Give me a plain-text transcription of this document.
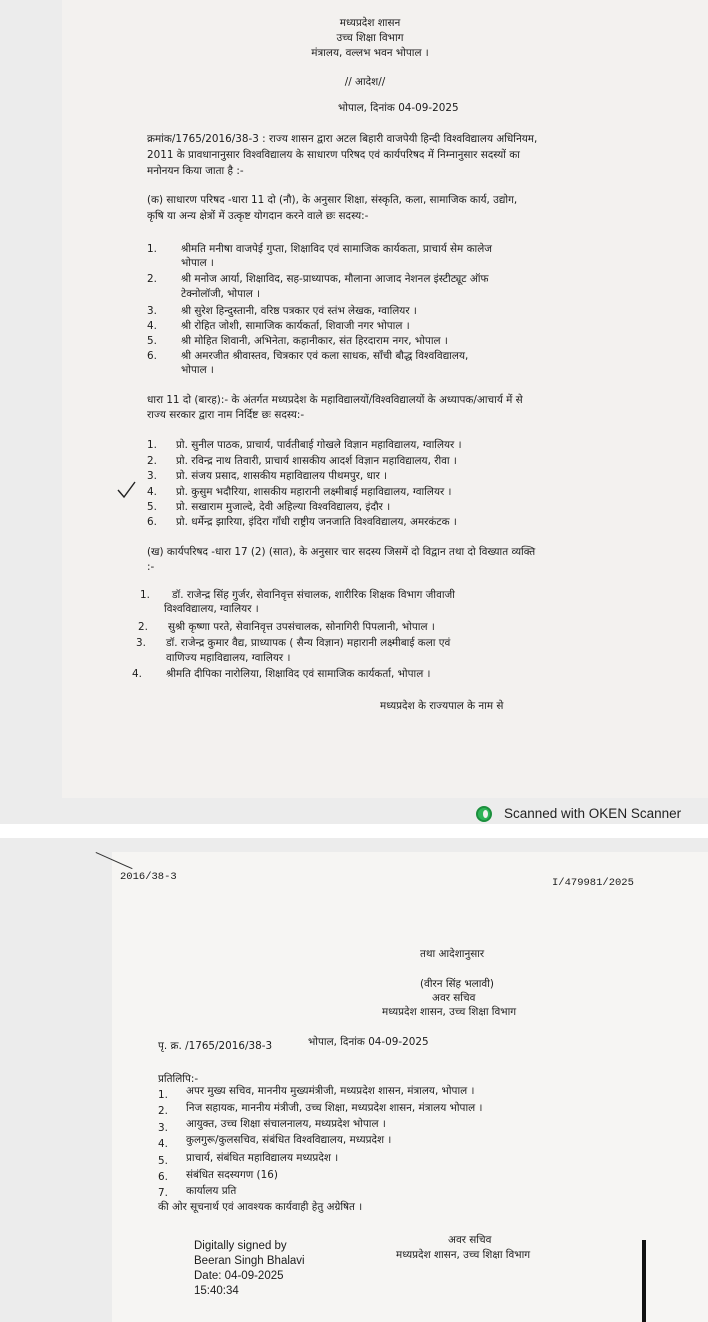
मध्यप्रदेश शासन
उच्च शिक्षा विभाग
मंत्रालय, वल्लभ भवन भोपाल ।
// आदेश//
भोपाल, दिनांक 04-09-2025
क्रमांक/1765/2016/38-3 : राज्य शासन द्वारा अटल बिहारी वाजपेयी हिन्दी विश्वविद्यालय अधिनियम,
2011 के प्रावधानानुसार विश्वविद्यालय के साधारण परिषद एवं कार्यपरिषद में निम्नानुसार सदस्यों का
मनोनयन किया जाता है :-
(क) साधारण परिषद -धारा 11 दो (नौ), के अनुसार शिक्षा, संस्कृति, कला, सामाजिक कार्य, उद्योग,
कृषि या अन्य क्षेत्रों में उत्कृष्ट योगदान करने वाले छः सदस्य:-
1. श्रीमति मनीषा वाजपेई गुप्ता, शिक्षाविद एवं सामाजिक कार्यकता, प्राचार्य सेम कालेज
भोपाल ।
2. श्री मनोज आर्या, शिक्षाविद, सह-प्राध्यापक, मौलाना आजाद नेशनल इंस्टीट्यूट ऑफ
टेक्नोलॉजी, भोपाल ।
3. श्री सुरेश हिन्दुस्तानी, वरिष्ठ पत्रकार एवं स्तंभ लेखक, ग्वालियर ।
4. श्री रोहित जोशी, सामाजिक कार्यकर्ता, शिवाजी नगर भोपाल ।
5. श्री मोहित शिवानी, अभिनेता, कहानीकार, संत हिरदाराम नगर, भोपाल ।
6. श्री अमरजीत श्रीवास्तव, चित्रकार एवं कला साधक, साँची बौद्ध विश्वविद्यालय,
भोपाल ।
धारा 11 दो (बारह):- के अंतर्गत मध्यप्रदेश के महाविद्यालयों/विश्वविद्यालयों के अध्यापक/आचार्य में से
राज्य सरकार द्वारा नाम निर्दिष्ट छः सदस्य:-
1. प्रो. सुनील पाठक, प्राचार्य, पार्वतीबाई गोखले विज्ञान महाविद्यालय, ग्वालियर ।
2. प्रो. रविन्द्र नाथ तिवारी, प्राचार्य शासकीय आदर्श विज्ञान महाविद्यालय, रीवा ।
3. प्रो. संजय प्रसाद, शासकीय महाविद्यालय पीथमपुर, धार ।
4. प्रो. कुसुम भदौरिया, शासकीय महारानी लक्ष्मीबाई महाविद्यालय, ग्वालियर ।
5. प्रो. सखाराम मुजाल्दे, देवी अहिल्या विश्वविद्यालय, इंदौर ।
6. प्रो. धर्मेन्द्र झारिया, इंदिरा गाँधी राष्ट्रीय जनजाति विश्वविद्यालय, अमरकंटक ।
(ख) कार्यपरिषद -धारा 17 (2) (सात), के अनुसार चार सदस्य जिसमें दो विद्वान तथा दो विख्यात व्यक्ति
:-
1. डॉ. राजेन्द्र सिंह गुर्जर, सेवानिवृत्त संचालक, शारीरिक शिक्षक विभाग जीवाजी
विश्वविद्यालय, ग्वालियर ।
2. सुश्री कृष्णा परते, सेवानिवृत्त उपसंचालक, सोनागिरी पिपलानी, भोपाल ।
3. डॉ. राजेन्द्र कुमार वैद्य, प्राध्यापक ( सैन्य विज्ञान) महारानी लक्ष्मीबाई कला एवं
वाणिज्य महाविद्यालय, ग्वालियर ।
4. श्रीमति दीपिका नारोलिया, शिक्षाविद एवं सामाजिक कार्यकर्ता, भोपाल ।
मध्यप्रदेश के राज्यपाल के नाम से
Scanned with OKEN Scanner
2016/38-3	I/479981/2025
तथा आदेशानुसार
(वीरन सिंह भलावी)
अवर सचिव
मध्यप्रदेश शासन, उच्च शिक्षा विभाग
पृ. क्र. /1765/2016/38-3	भोपाल, दिनांक 04-09-2025
प्रतिलिपि:-
1. अपर मुख्य सचिव, माननीय मुख्यमंत्रीजी, मध्यप्रदेश शासन, मंत्रालय, भोपाल ।
2. निज सहायक, माननीय मंत्रीजी, उच्च शिक्षा, मध्यप्रदेश शासन, मंत्रालय भोपाल ।
3. आयुक्त, उच्च शिक्षा संचालनालय, मध्यप्रदेश भोपाल ।
4. कुलगुरू/कुलसचिव, संबंधित विश्वविद्यालय, मध्यप्रदेश ।
5. प्राचार्य, संबंधित महाविद्यालय मध्यप्रदेश ।
6. संबंधित सदस्यगण (16)
7. कार्यालय प्रति
की ओर सूचनार्थ एवं आवश्यक कार्यवाही हेतु अग्रेषित ।
Digitally signed by
Beeran Singh Bhalavi
Date: 04-09-2025
15:40:34
अवर सचिव
मध्यप्रदेश शासन, उच्च शिक्षा विभाग
